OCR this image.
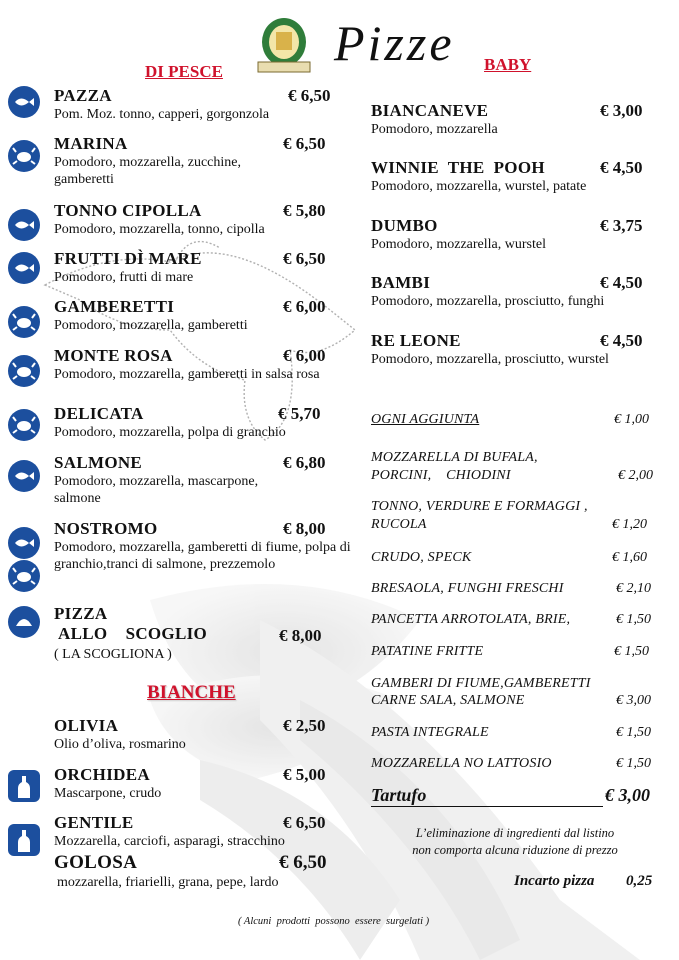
Pizze
DI PESCE	BABY
PAZZA
Pom. Moz. tonno, capperi, gorgonzola
€ 6,50
MARINA
Pomodoro, mozzarella, zucchine, gamberetti
€ 6,50
TONNO CIPOLLA
Pomodoro, mozzarella, tonno, cipolla
€ 5,80
FRUTTI DÌ MARE
Pomodoro, frutti di mare
€ 6,50
GAMBERETTI
Pomodoro, mozzarella, gamberetti
€ 6,00
MONTE ROSA
Pomodoro, mozzarella, gamberetti in salsa rosa
€ 6,00
DELICATA
Pomodoro, mozzarella, polpa di granchio
€ 5,70
SALMONE
Pomodoro, mozzarella, mascarpone, salmone
€ 6,80
NOSTROMO
Pomodoro, mozzarella, gamberetti di fiume, polpa di granchio,tranci di salmone, prezzemolo
€ 8,00
PIZZA
ALLO    SCOGLIO
( LA SCOGLIONA )
€ 8,00
BIANCHE
OLIVIA
Olio d’oliva, rosmarino
€ 2,50
ORCHIDEA
Mascarpone, crudo
€ 5,00
GENTILE
Mozzarella, carciofi, asparagi, stracchino
€ 6,50
GOLOSA
mozzarella, friarielli, grana, pepe, lardo
€ 6,50
BIANCANEVE
Pomodoro, mozzarella
€ 3,00
WINNIE  THE  POOH
Pomodoro, mozzarella, wurstel, patate
€ 4,50
DUMBO
Pomodoro, mozzarella, wurstel
€ 3,75
BAMBI
Pomodoro, mozzarella, prosciutto, funghi
€ 4,50
RE LEONE
Pomodoro, mozzarella, prosciutto, wurstel
€ 4,50
OGNI AGGIUNTA	€ 1,00
MOZZARELLA DI BUFALA,
PORCINI,    CHIODINI	€ 2,00
TONNO, VERDURE E FORMAGGI ,
RUCOLA	€ 1,20
CRUDO, SPECK	€ 1,60
BRESAOLA, FUNGHI FRESCHI	€ 2,10
PANCETTA ARROTOLATA, BRIE,	€ 1,50
PATATINE FRITTE	€ 1,50
GAMBERI DI FIUME,GAMBERETTI
CARNE SALA, SALMONE	€ 3,00
PASTA INTEGRALE	€ 1,50
MOZZARELLA NO LATTOSIO	€ 1,50
Tartufo	€ 3,00
L’eliminazione di ingredienti dal listino
non comporta alcuna riduzione di prezzo
Incarto pizza 0,25
( Alcuni  prodotti  possono  essere  surgelati )
